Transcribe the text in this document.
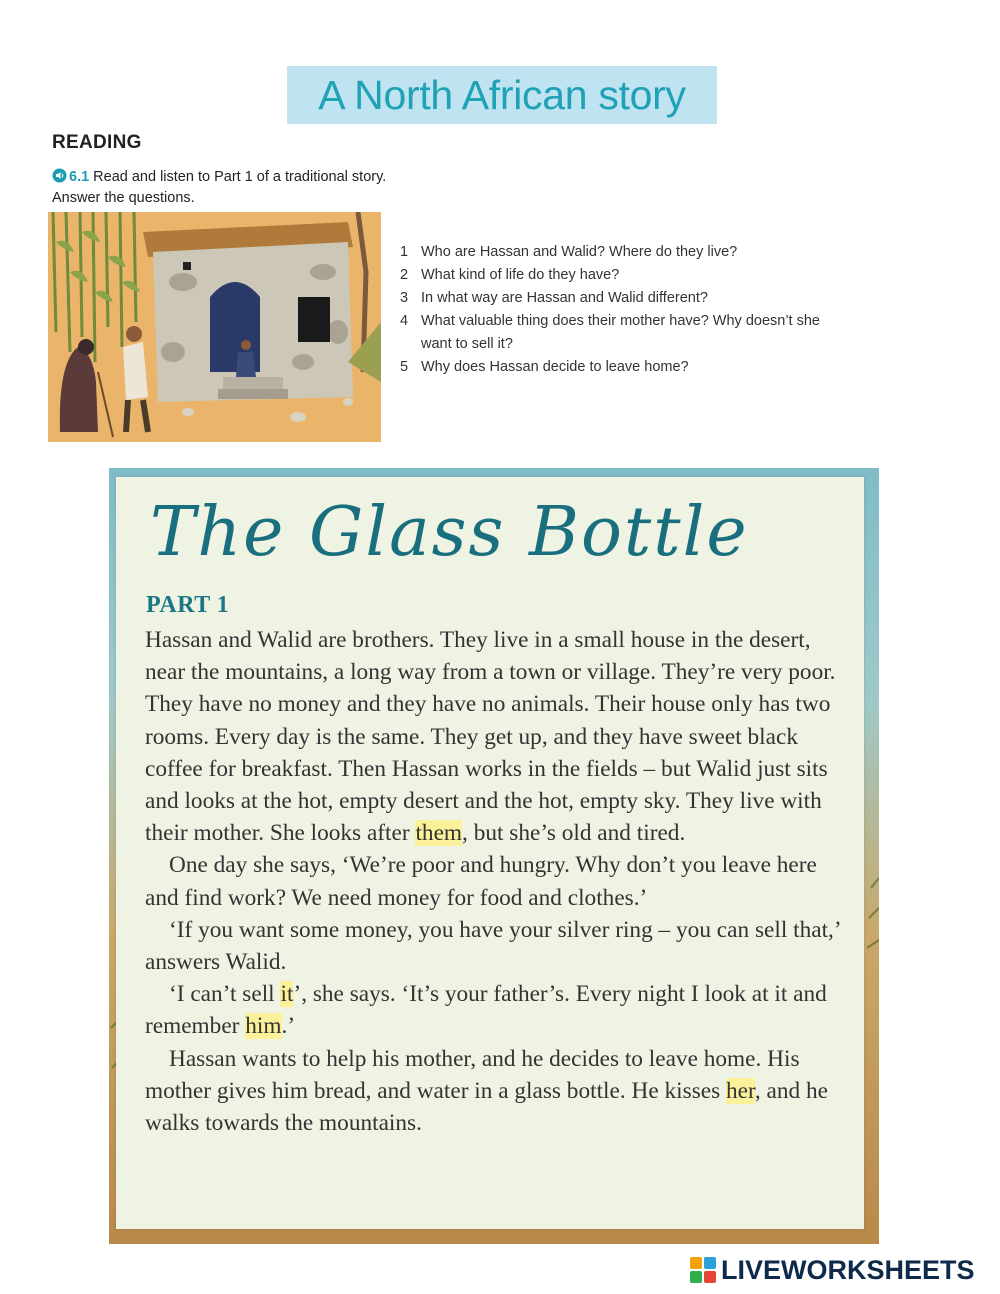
A North African story
READING
6.1 Read and listen to Part 1 of a traditional story. Answer the questions.
1 Who are Hassan and Walid? Where do they live?
2 What kind of life do they have?
3 In what way are Hassan and Walid different?
4 What valuable thing does their mother have? Why doesn’t she want to sell it?
5 Why does Hassan decide to leave home?
The Glass Bottle
PART 1

Hassan and Walid are brothers. They live in a small house in the desert, near the mountains, a long way from a town or village. They’re very poor. They have no money and they have no animals. Their house only has two rooms. Every day is the same. They get up, and they have sweet black coffee for breakfast. Then Hassan works in the fields – but Walid just sits and looks at the hot, empty desert and the hot, empty sky. They live with their mother. She looks after them, but she’s old and tired.

One day she says, ‘We’re poor and hungry. Why don’t you leave here and find work? We need money for food and clothes.’

‘If you want some money, you have your silver ring – you can sell that,’ answers Walid.

‘I can’t sell it’, she says. ‘It’s your father’s. Every night I look at it and remember him.’

Hassan wants to help his mother, and he decides to leave home. His mother gives him bread, and water in a glass bottle. He kisses her, and he walks towards the mountains.

LIVEWORKSHEETS
